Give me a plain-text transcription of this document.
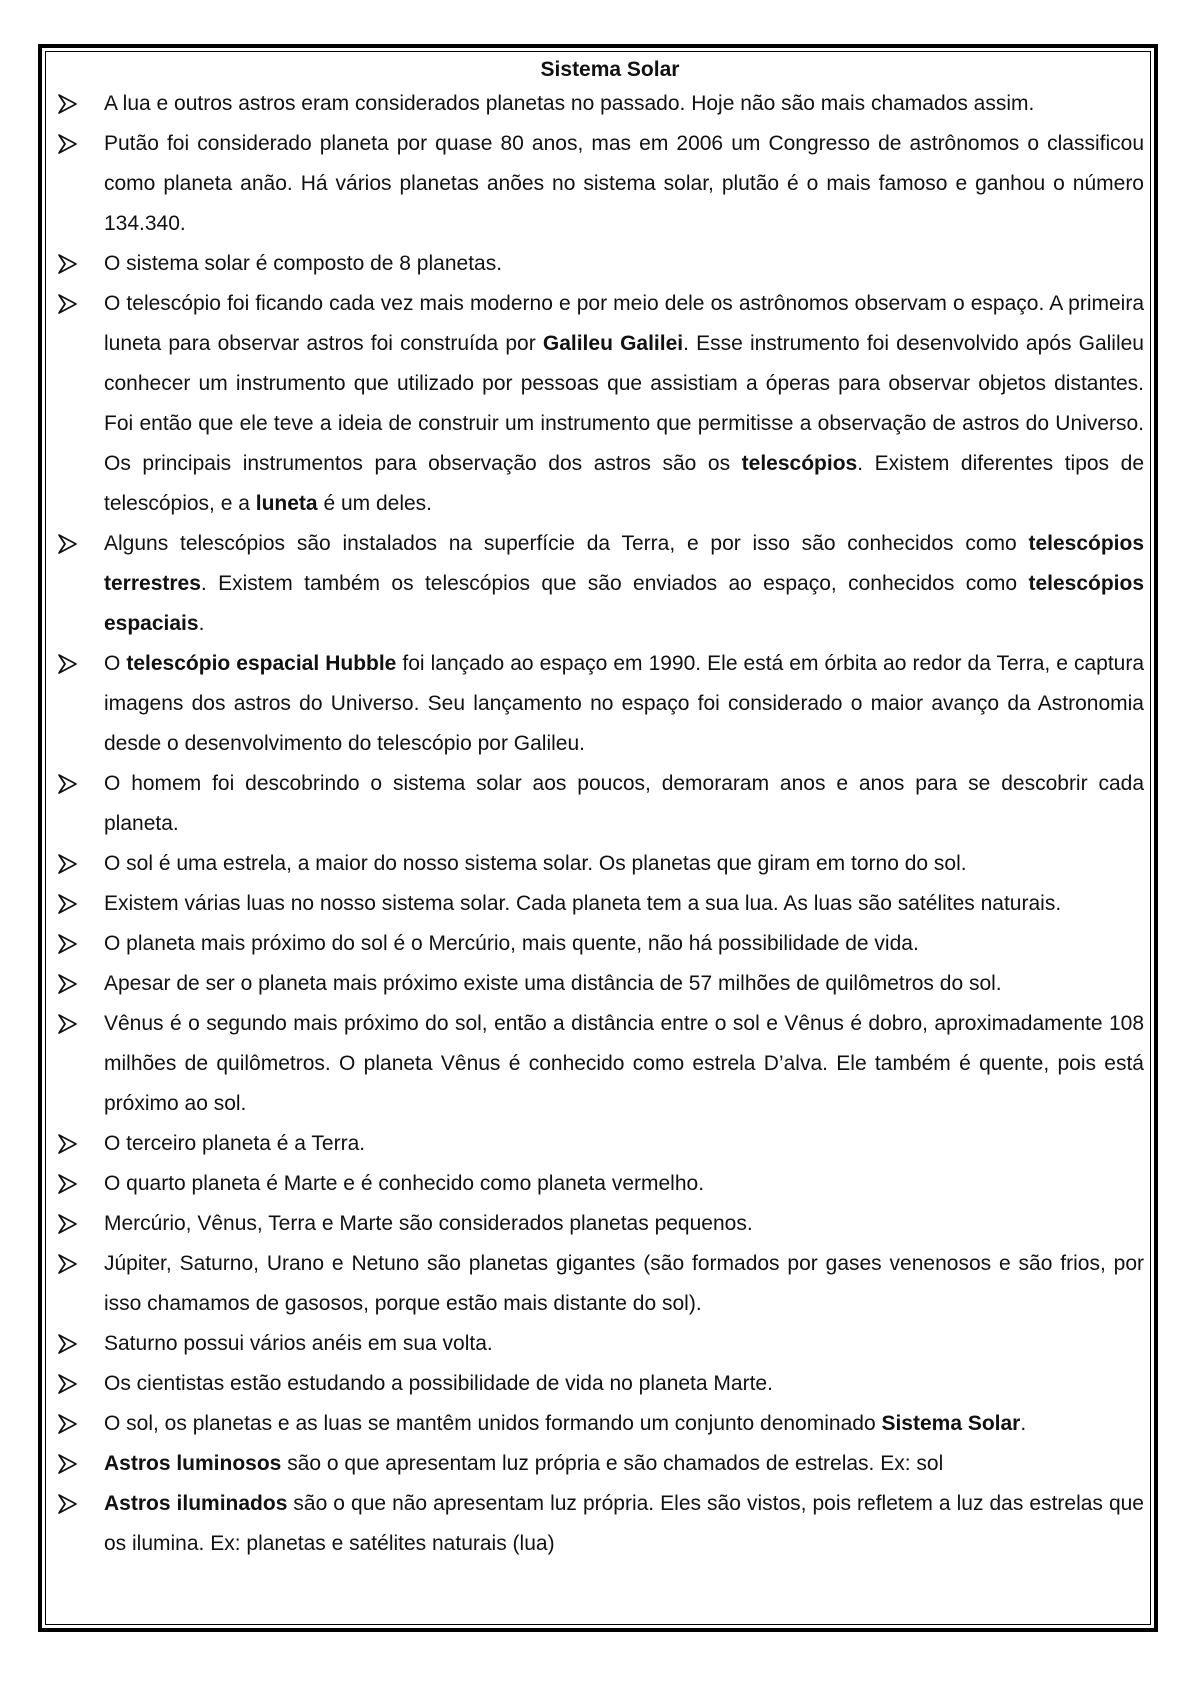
Sistema Solar
A lua e outros astros eram considerados planetas no passado. Hoje não são mais chamados assim.
Putão foi considerado planeta por quase 80 anos, mas em 2006 um Congresso de astrônomos o classificou como planeta anão. Há vários planetas anões no sistema solar, plutão é o mais famoso e ganhou o número 134.340.
O sistema solar é composto de 8 planetas.
O telescópio foi ficando cada vez mais moderno e por meio dele os astrônomos observam o espaço. A primeira luneta para observar astros foi construída por Galileu Galilei. Esse instrumento foi desenvolvido após Galileu conhecer um instrumento que utilizado por pessoas que assistiam a óperas para observar objetos distantes. Foi então que ele teve a ideia de construir um instrumento que permitisse a observação de astros do Universo. Os principais instrumentos para observação dos astros são os telescópios. Existem diferentes tipos de telescópios, e a luneta é um deles.
Alguns telescópios são instalados na superfície da Terra, e por isso são conhecidos como telescópios terrestres. Existem também os telescópios que são enviados ao espaço, conhecidos como telescópios espaciais.
O telescópio espacial Hubble foi lançado ao espaço em 1990. Ele está em órbita ao redor da Terra, e captura imagens dos astros do Universo. Seu lançamento no espaço foi considerado o maior avanço da Astronomia desde o desenvolvimento do telescópio por Galileu.
O homem foi descobrindo o sistema solar aos poucos, demoraram anos e anos para se descobrir cada planeta.
O sol é uma estrela, a maior do nosso sistema solar. Os planetas que giram em torno do sol.
Existem várias luas no nosso sistema solar. Cada planeta tem a sua lua. As luas são satélites naturais.
O planeta mais próximo do sol é o Mercúrio, mais quente, não há possibilidade de vida.
Apesar de ser o planeta mais próximo existe uma distância de 57 milhões de quilômetros do sol.
Vênus é o segundo mais próximo do sol, então a distância entre o sol e Vênus é dobro, aproximadamente 108 milhões de quilômetros. O planeta Vênus é conhecido como estrela D’alva. Ele também é quente, pois está próximo ao sol.
O terceiro planeta é a Terra.
O quarto planeta é Marte e é conhecido como planeta vermelho.
Mercúrio, Vênus, Terra e Marte são considerados planetas pequenos.
Júpiter, Saturno, Urano e Netuno são planetas gigantes (são formados por gases venenosos e são frios, por isso chamamos de gasosos, porque estão mais distante do sol).
Saturno possui vários anéis em sua volta.
Os cientistas estão estudando a possibilidade de vida no planeta Marte.
O sol, os planetas e as luas se mantêm unidos formando um conjunto denominado Sistema Solar.
Astros luminosos são o que apresentam luz própria e são chamados de estrelas. Ex: sol
Astros iluminados são o que não apresentam luz própria. Eles são vistos, pois refletem a luz das estrelas que os ilumina. Ex: planetas e satélites naturais (lua)
